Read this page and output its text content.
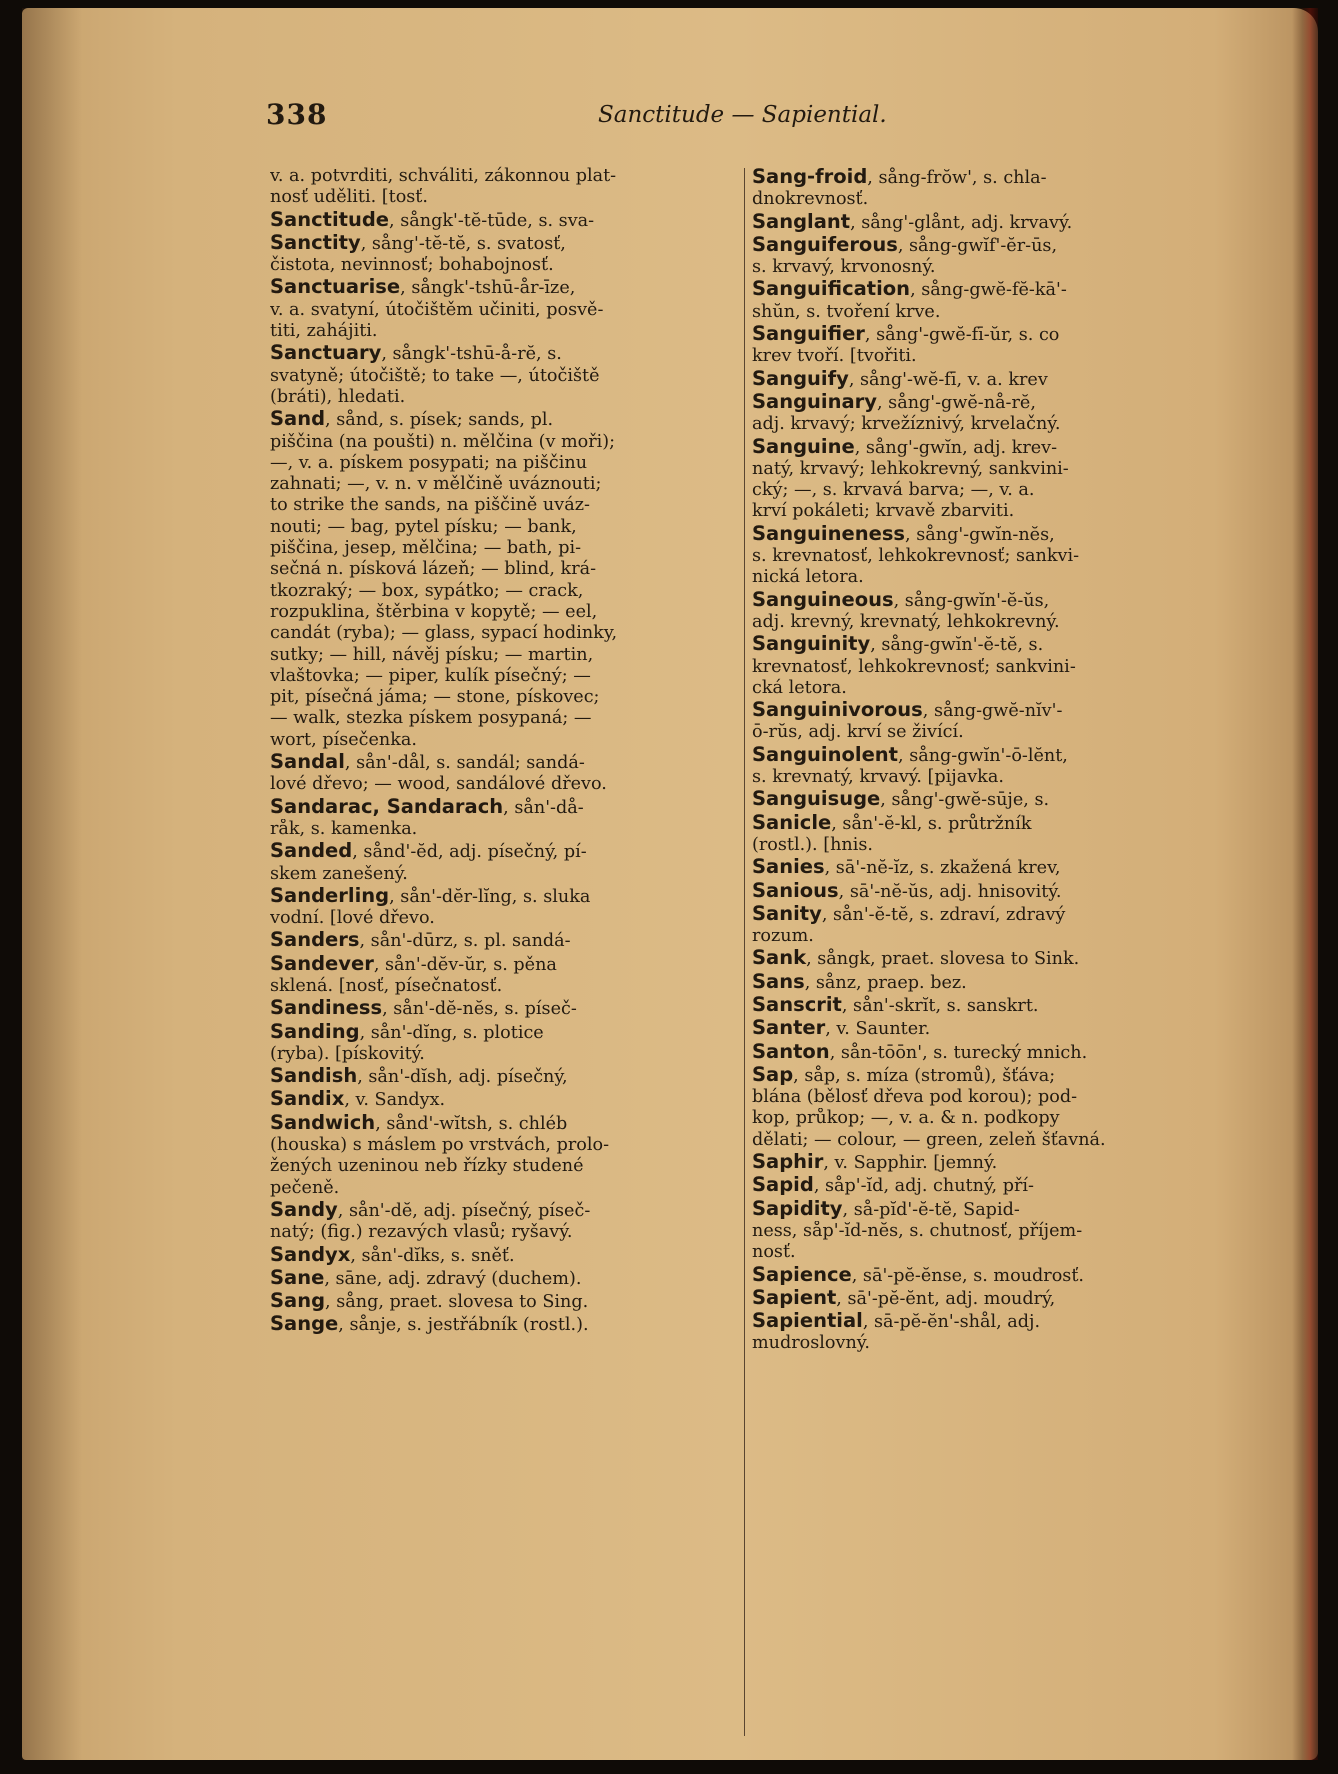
338	Sanctitude — Sapiential.
v. a. potvrditi, schváliti, zákonnou plat-
nosť uděliti. [tosť.
Sanctitude, sångk'-tĕ-tūde, s. sva-
Sanctity, sång'-tĕ-tĕ, s. svatosť,
čistota, nevinnosť; bohabojnosť.
Sanctuarise, sångk'-tshū-år-īze,
v. a. svatyní, útočištěm učiniti, posvě-
titi, zahájiti.
Sanctuary, sångk'-tshū-å-rĕ, s.
svatyně; útočiště; to take —, útočiště
(bráti), hledati.
Sand, sånd, s. písek; sands, pl.
piščina (na poušti) n. mělčina (v moři);
—, v. a. pískem posypati; na piščinu
zahnati; —, v. n. v mělčině uváznouti;
to strike the sands, na piščině uváz-
nouti; — bag, pytel písku; — bank,
piščina, jesep, mělčina; — bath, pi-
sečná n. písková lázeň; — blind, krá-
tkozraký; — box, sypátko; — crack,
rozpuklina, štěrbina v kopytě; — eel,
candát (ryba); — glass, sypací hodinky,
sutky; — hill, návěj písku; — martin,
vlaštovka; — piper, kulík písečný; —
pit, písečná jáma; — stone, pískovec;
— walk, stezka pískem posypaná; —
wort, písečenka.
Sandal, sån'-dål, s. sandál; sandá-
lové dřevo; — wood, sandálové dřevo.
Sandarac, Sandarach, sån'-då-
råk, s. kamenka.
Sanded, sånd'-ĕd, adj. písečný, pí-
skem zanešený.
Sanderling, sån'-dĕr-lĭng, s. sluka
vodní. [lové dřevo.
Sanders, sån'-dūrz, s. pl. sandá-
Sandever, sån'-dĕv-ŭr, s. pěna
sklená. [nosť, písečnatosť.
Sandiness, sån'-dĕ-nĕs, s. píseč-
Sanding, sån'-dĭng, s. plotice
(ryba). [pískovitý.
Sandish, sån'-dĭsh, adj. písečný,
Sandix, v. Sandyx.
Sandwich, sånd'-wĭtsh, s. chléb
(houska) s máslem po vrstvách, prolo-
žených uzeninou neb řízky studené
pečeně.
Sandy, sån'-dĕ, adj. písečný, píseč-
natý; (fig.) rezavých vlasů; ryšavý.
Sandyx, sån'-dĭks, s. sněť.
Sane, sāne, adj. zdravý (duchem).
Sang, sång, praet. slovesa to Sing.
Sange, sånje, s. jestřábník (rostl.).
Sang-froid, sång-frŏw', s. chla-
dnokrevnosť.
Sanglant, sång'-glånt, adj. krvavý.
Sanguiferous, sång-gwĭf'-ĕr-ūs,
s. krvavý, krvonosný.
Sanguification, sång-gwĕ-fĕ-kā'-
shŭn, s. tvoření krve.
Sanguifier, sång'-gwĕ-fī-ŭr, s. co
krev tvoří. [tvořiti.
Sanguify, sång'-wĕ-fī, v. a. krev
Sanguinary, sång'-gwĕ-nå-rĕ,
adj. krvavý; krvežíznivý, krvelačný.
Sanguine, sång'-gwĭn, adj. krev-
natý, krvavý; lehkokrevný, sankvini-
cký; —, s. krvavá barva; —, v. a.
krví pokáleti; krvavě zbarviti.
Sanguineness, sång'-gwĭn-nĕs,
s. krevnatosť, lehkokrevnosť; sankvi-
nická letora.
Sanguineous, sång-gwĭn'-ĕ-ŭs,
adj. krevný, krevnatý, lehkokrevný.
Sanguinity, sång-gwĭn'-ĕ-tĕ, s.
krevnatosť, lehkokrevnosť; sankvini-
cká letora.
Sanguinivorous, sång-gwĕ-nĭv'-
ō-rŭs, adj. krví se živící.
Sanguinolent, sång-gwĭn'-ō-lĕnt,
s. krevnatý, krvavý. [pijavka.
Sanguisuge, sång'-gwĕ-sūje, s.
Sanicle, sån'-ĕ-kl, s. průtržník
(rostl.). [hnis.
Sanies, sā'-nĕ-ĭz, s. zkažená krev,
Sanious, sā'-nĕ-ŭs, adj. hnisovitý.
Sanity, sån'-ĕ-tĕ, s. zdraví, zdravý
rozum.
Sank, sångk, praet. slovesa to Sink.
Sans, sånz, praep. bez.
Sanscrit, sån'-skrĭt, s. sanskrt.
Santer, v. Saunter.
Santon, sån-tōōn', s. turecký mnich.
Sap, såp, s. míza (stromů), šťáva;
blána (bělosť dřeva pod korou); pod-
kop, průkop; —, v. a. & n. podkopy
dělati; — colour, — green, zeleň šťavná.
Saphir, v. Sapphir. [jemný.
Sapid, såp'-ĭd, adj. chutný, pří-
Sapidity, så-pĭd'-ĕ-tĕ, Sapid-
ness, såp'-ĭd-nĕs, s. chutnosť, příjem-
nosť.
Sapience, sā'-pĕ-ĕnse, s. moudrosť.
Sapient, sā'-pĕ-ĕnt, adj. moudrý,
Sapiential, sā-pĕ-ĕn'-shål, adj.
mudroslovný.
